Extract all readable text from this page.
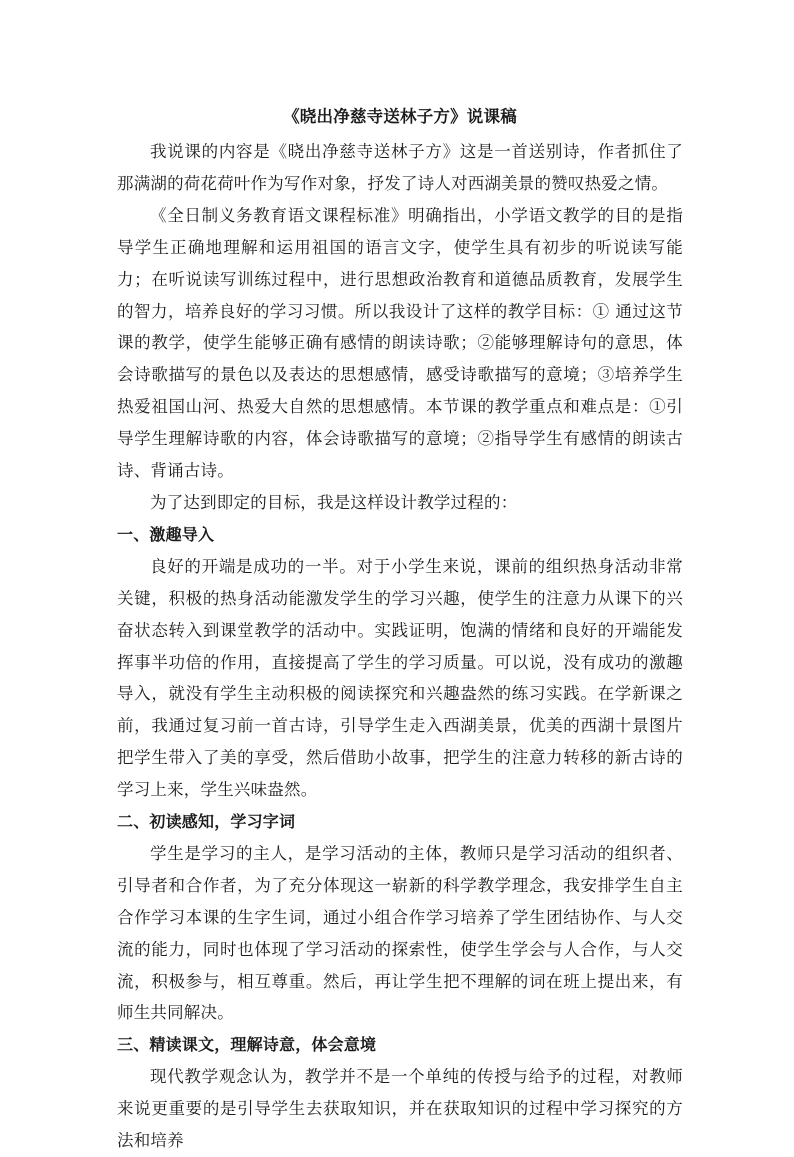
《晓出净慈寺送林子方》说课稿

我说课的内容是《晓出净慈寺送林子方》这是一首送别诗，作者抓住了那满湖的荷花荷叶作为写作对象，抒发了诗人对西湖美景的赞叹热爱之情。

《全日制义务教育语文课程标准》明确指出，小学语文教学的目的是指导学生正确地理解和运用祖国的语言文字，使学生具有初步的听说读写能力；在听说读写训练过程中，进行思想政治教育和道德品质教育，发展学生的智力，培养良好的学习习惯。所以我设计了这样的教学目标：① 通过这节课的教学，使学生能够正确有感情的朗读诗歌；②能够理解诗句的意思，体会诗歌描写的景色以及表达的思想感情，感受诗歌描写的意境；③培养学生热爱祖国山河、热爱大自然的思想感情。本节课的教学重点和难点是：①引导学生理解诗歌的内容，体会诗歌描写的意境；②指导学生有感情的朗读古诗、背诵古诗。

为了达到即定的目标，我是这样设计教学过程的：

一、激趣导入

良好的开端是成功的一半。对于小学生来说，课前的组织热身活动非常关键，积极的热身活动能激发学生的学习兴趣，使学生的注意力从课下的兴奋状态转入到课堂教学的活动中。实践证明，饱满的情绪和良好的开端能发挥事半功倍的作用，直接提高了学生的学习质量。可以说，没有成功的激趣导入，就没有学生主动积极的阅读探究和兴趣盎然的练习实践。在学新课之前，我通过复习前一首古诗，引导学生走入西湖美景，优美的西湖十景图片把学生带入了美的享受，然后借助小故事，把学生的注意力转移的新古诗的学习上来，学生兴味盎然。

二、初读感知，学习字词

学生是学习的主人，是学习活动的主体，教师只是学习活动的组织者、引导者和合作者，为了充分体现这一崭新的科学教学理念，我安排学生自主合作学习本课的生字生词，通过小组合作学习培养了学生团结协作、与人交流的能力，同时也体现了学习活动的探索性，使学生学会与人合作，与人交流，积极参与，相互尊重。然后，再让学生把不理解的词在班上提出来，有师生共同解决。

三、精读课文，理解诗意，体会意境

现代教学观念认为，教学并不是一个单纯的传授与给予的过程，对教师来说更重要的是引导学生去获取知识，并在获取知识的过程中学习探究的方法和培养
